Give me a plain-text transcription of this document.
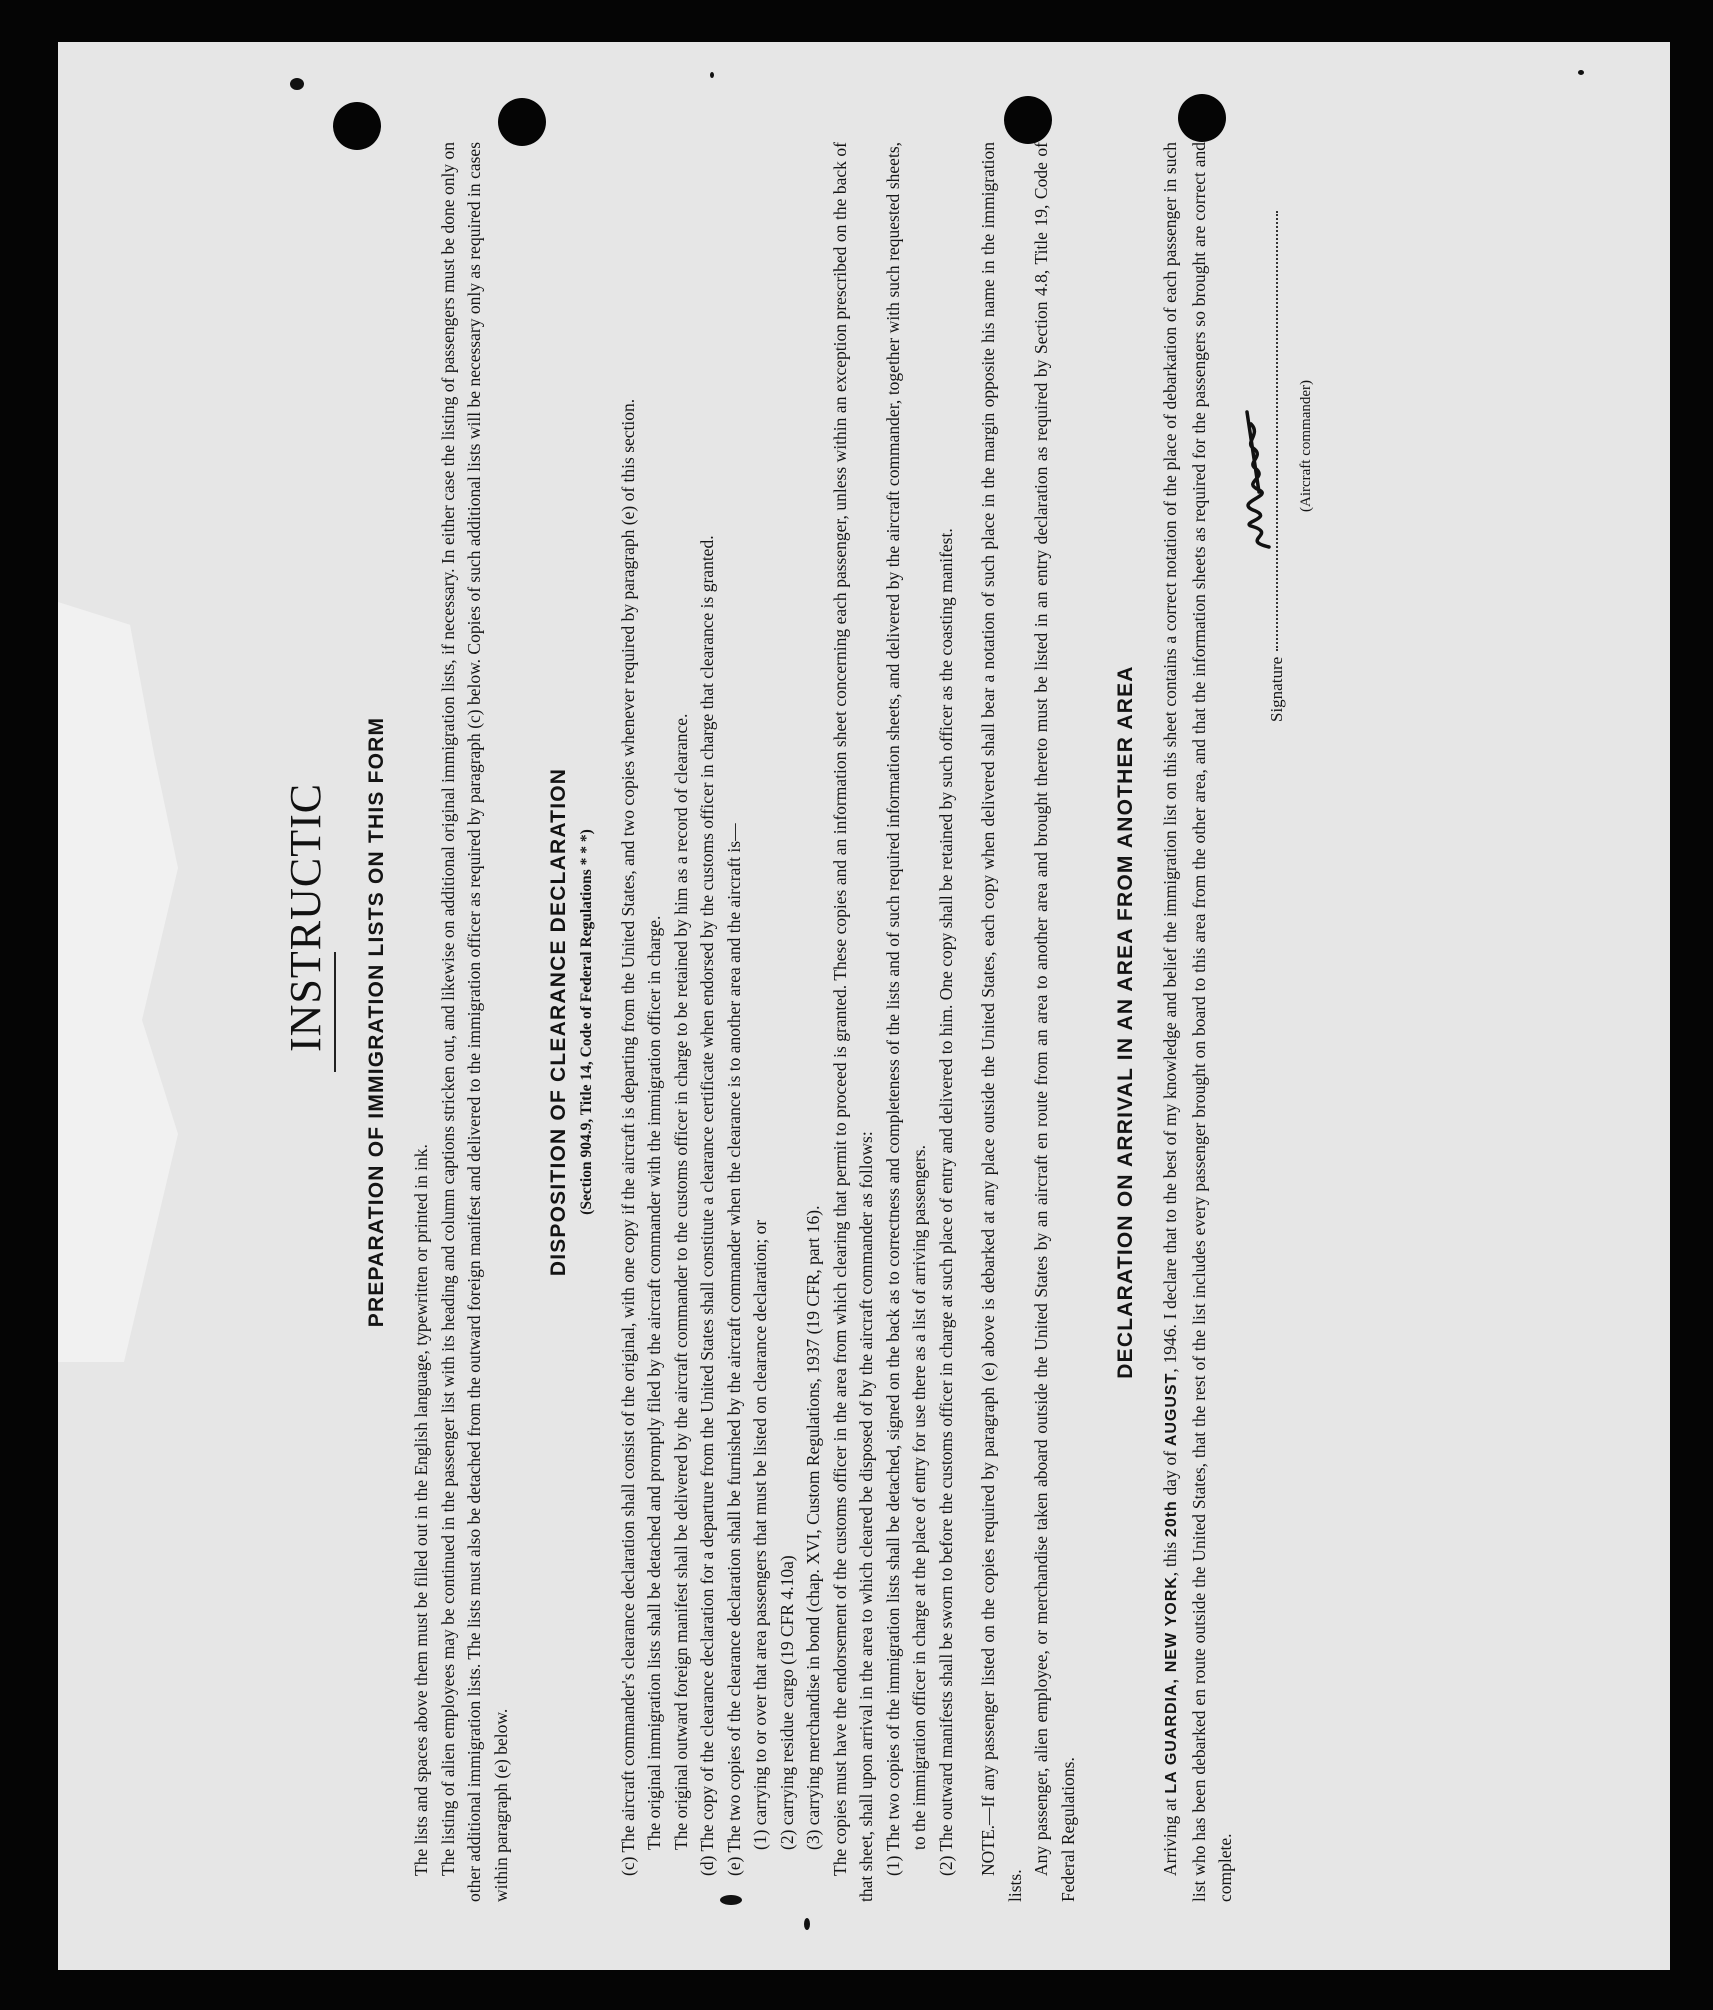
INSTRUCTIC PREPARATION OF IMMIGRATION LISTS ON THIS FORM

The lists and spaces above them must be filled out in the English language, typewritten or printed in ink. The listing of alien employees may be continued in the passenger list with its heading and column captions stricken out, and likewise on additional original immigration lists, if necessary. In either case the listing of passengers must be done only on other additional immigration lists. The lists must also be detached from the outward foreign manifest and delivered to the immigration officer as required by paragraph (c) below. Copies of such additional lists will be necessary only as required in cases within paragraph (e) below.

DISPOSITION OF CLEARANCE DECLARATION (Section 904.9, Title 14, Code of Federal Regulations * * *)	(c) The aircraft commander's clearance declaration shall consist of the original, with one copy if the aircraft is departing from the United States, and two copies whenever required by paragraph (e) of this section. The original immigration lists shall be detached and promptly filed by the aircraft commander with the immigration officer in charge. The original outward foreign manifest shall be delivered by the aircraft commander to the customs officer in charge to be retained by him as a record of clearance. (d) The copy of the clearance declaration for a departure from the United States shall constitute a clearance certificate when endorsed by the customs officer in charge that clearance is granted. (e) The two copies of the clearance declaration shall be furnished by the aircraft commander when the clearance is to another area and the aircraft is— (1) carrying to or over that area passengers that must be listed on clearance declaration; or (2) carrying residue cargo (19 CFR 4.10a) (3) carrying merchandise in bond (chap. XVI, Custom Regulations, 1937 (19 CFR, part 16). The copies must have the endorsement of the customs officer in the area from which clearing that permit to proceed is granted. These copies and an information sheet concerning each passenger, unless within an exception prescribed on the back of that sheet, shall upon arrival in the area to which cleared be disposed of by the aircraft commander as follows: (1) The two copies of the immigration lists shall be detached, signed on the back as to correctness and completeness of the lists and of such required information sheets, and delivered by the aircraft commander, together with such requested sheets, to the immigration officer in charge at the place of entry for use there as a list of arriving passengers. (2) The outward manifests shall be sworn to before the customs officer in charge at such place of entry and delivered to him. One copy shall be retained by such officer as the coasting manifest. NOTE.—If any passenger listed on the copies required by paragraph (e) above is debarked at any place outside the United States, each copy when delivered shall bear a notation of such place in the margin opposite his name in the immigration lists.

Any passenger, alien employee, or merchandise taken aboard outside the United States by an aircraft en route from an area to another area and brought thereto must be listed in an entry declaration as required by Section 4.8, Title 19, Code of Federal Regulations.

DECLARATION ON ARRIVAL IN AN AREA FROM ANOTHER AREA

Arriving at LA GUARDIA, NEW YORK, this 20th day of AUGUST, 1946. I declare that to the best of my knowledge and belief the immigration list on this sheet contains a correct notation of the place of debarkation of each passenger in such list who has been debarked en route outside the United States, that the rest of the list includes every passenger brought on board to this area from the other area, and that the information sheets as required for the passengers so brought are correct and complete.

Signature
(Aircraft commander)
